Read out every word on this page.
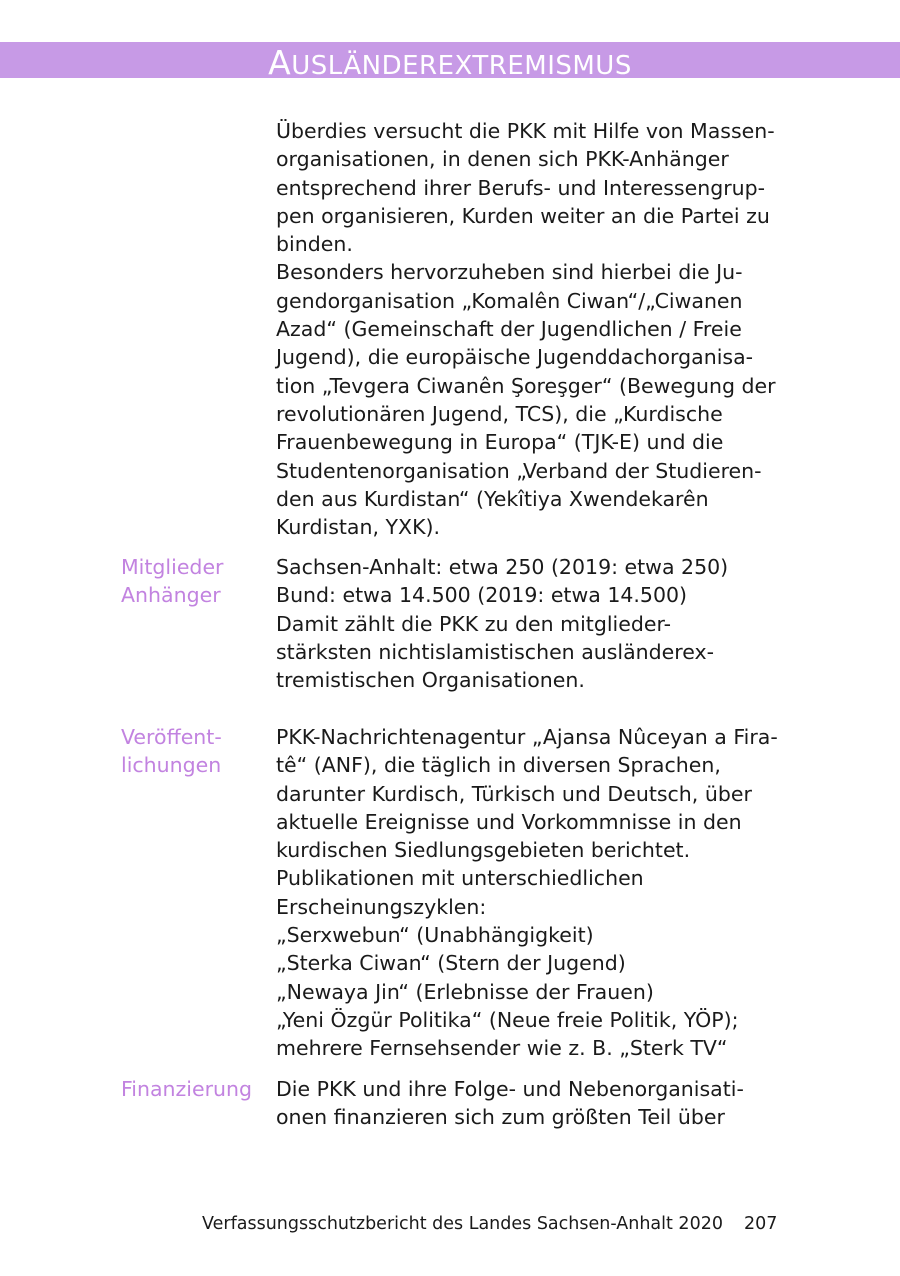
AUSLÄNDEREXTREMISMUS
Überdies versucht die PKK mit Hilfe von Massen-
organisationen, in denen sich PKK-Anhänger
entsprechend ihrer Berufs- und Interessengrup-
pen organisieren, Kurden weiter an die Partei zu
binden.
Besonders hervorzuheben sind hierbei die Ju-
gendorganisation „Komalên Ciwan“/„Ciwanen
Azad“ (Gemeinschaft der Jugendlichen / Freie
Jugend), die europäische Jugenddachorganisa-
tion „Tevgera Ciwanên Şoreşger“ (Bewegung der
revolutionären Jugend, TCS), die „Kurdische
Frauenbewegung in Europa“ (TJK-E) und die
Studentenorganisation „Verband der Studieren-
den aus Kurdistan“ (Yekîtiya Xwendekarên
Kurdistan, YXK).
Mitglieder
Anhänger
Sachsen-Anhalt: etwa 250 (2019: etwa 250)
Bund: etwa 14.500 (2019: etwa 14.500)
Damit zählt die PKK zu den mitglieder-
stärksten nichtislamistischen ausländerex-
tremistischen Organisationen.
Veröffent-
lichungen
PKK-Nachrichtenagentur „Ajansa Nûceyan a Fira-
tê“ (ANF), die täglich in diversen Sprachen,
darunter Kurdisch, Türkisch und Deutsch, über
aktuelle Ereignisse und Vorkommnisse in den
kurdischen Siedlungsgebieten berichtet.
Publikationen mit unterschiedlichen
Erscheinungszyklen:
„Serxwebun“ (Unabhängigkeit)
„Sterka Ciwan“ (Stern der Jugend)
„Newaya Jin“ (Erlebnisse der Frauen)
„Yeni Özgür Politika“ (Neue freie Politik, YÖP);
mehrere Fernsehsender wie z. B. „Sterk TV“
Finanzierung	Die PKK und ihre Folge- und Nebenorganisati-
onen finanzieren sich zum größten Teil über
Verfassungsschutzbericht des Landes Sachsen-Anhalt 2020 207
